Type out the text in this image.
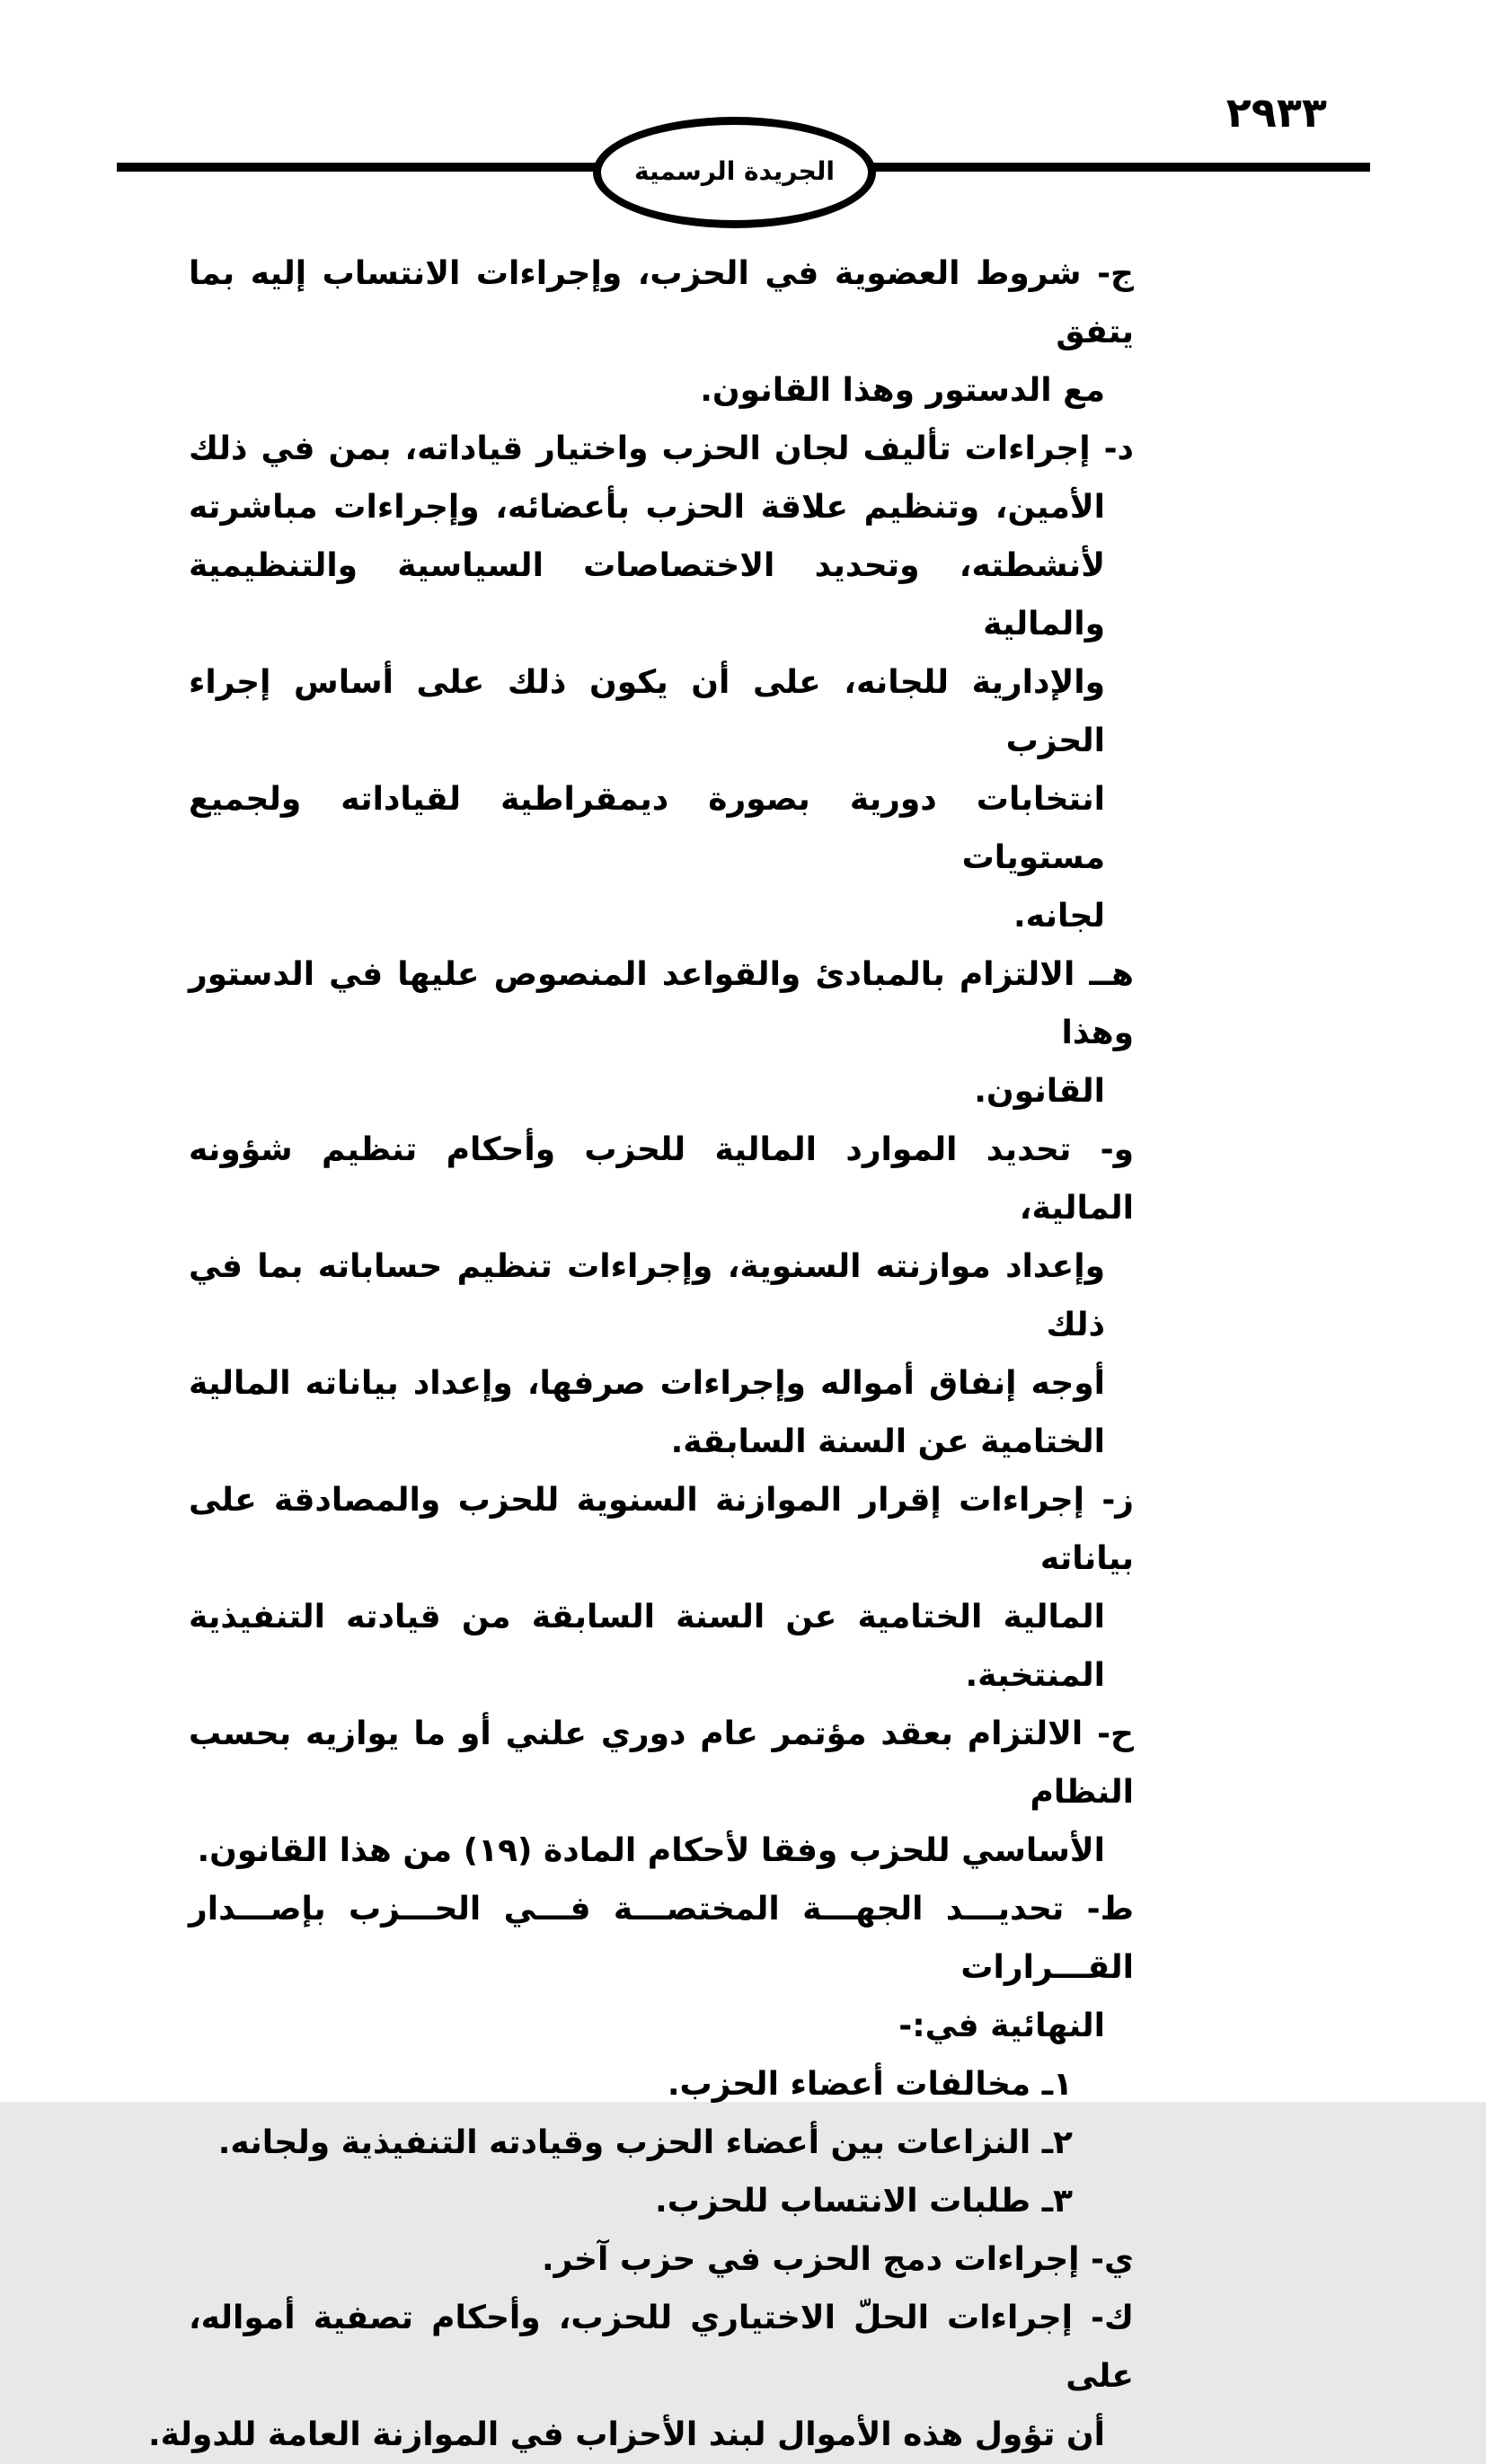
٢٩٣٣
الجريدة الرسمية
ج- شروط العضوية في الحزب، وإجراءات الانتساب إليه بما يتفق
مع الدستور وهذا القانون.
د- إجراءات تأليف لجان الحزب واختيار قياداته، بمن في ذلك
الأمين، وتنظيم علاقة الحزب بأعضائه، وإجراءات مباشرته
لأنشطته، وتحديد الاختصاصات السياسية والتنظيمية والمالية
والإدارية للجانه، على أن يكون ذلك على أساس إجراء الحزب
انتخابات دورية بصورة ديمقراطية لقياداته ولجميع مستويات
لجانه.
هــ الالتزام بالمبادئ والقواعد المنصوص عليها في الدستور وهذا
القانون.
و- تحديد الموارد المالية للحزب وأحكام تنظيم شؤونه المالية،
وإعداد موازنته السنوية، وإجراءات تنظيم حساباته بما في ذلك
أوجه إنفاق أمواله وإجراءات صرفها، وإعداد بياناته المالية
الختامية عن السنة السابقة.
ز- إجراءات إقرار الموازنة السنوية للحزب والمصادقة على بياناته
المالية الختامية عن السنة السابقة من قيادته التنفيذية المنتخبة.
ح- الالتزام بعقد مؤتمر عام دوري علني أو ما يوازيه بحسب النظام
الأساسي للحزب وفقا لأحكام المادة (١٩) من هذا القانون.
ط- تحديـــد الجهـــة المختصـــة فـــي الحـــزب بإصـــدار القـــرارات
النهائية في:-
١ـ مخالفات أعضاء الحزب.
٢ـ النزاعات بين أعضاء الحزب وقيادته التنفيذية ولجانه.
٣ـ طلبات الانتساب للحزب.
ي- إجراءات دمج الحزب في حزب آخر.
ك- إجراءات الحلّ الاختياري للحزب، وأحكام تصفية أمواله، على
أن تؤول هذه الأموال لبند الأحزاب في الموازنة العامة للدولة.
